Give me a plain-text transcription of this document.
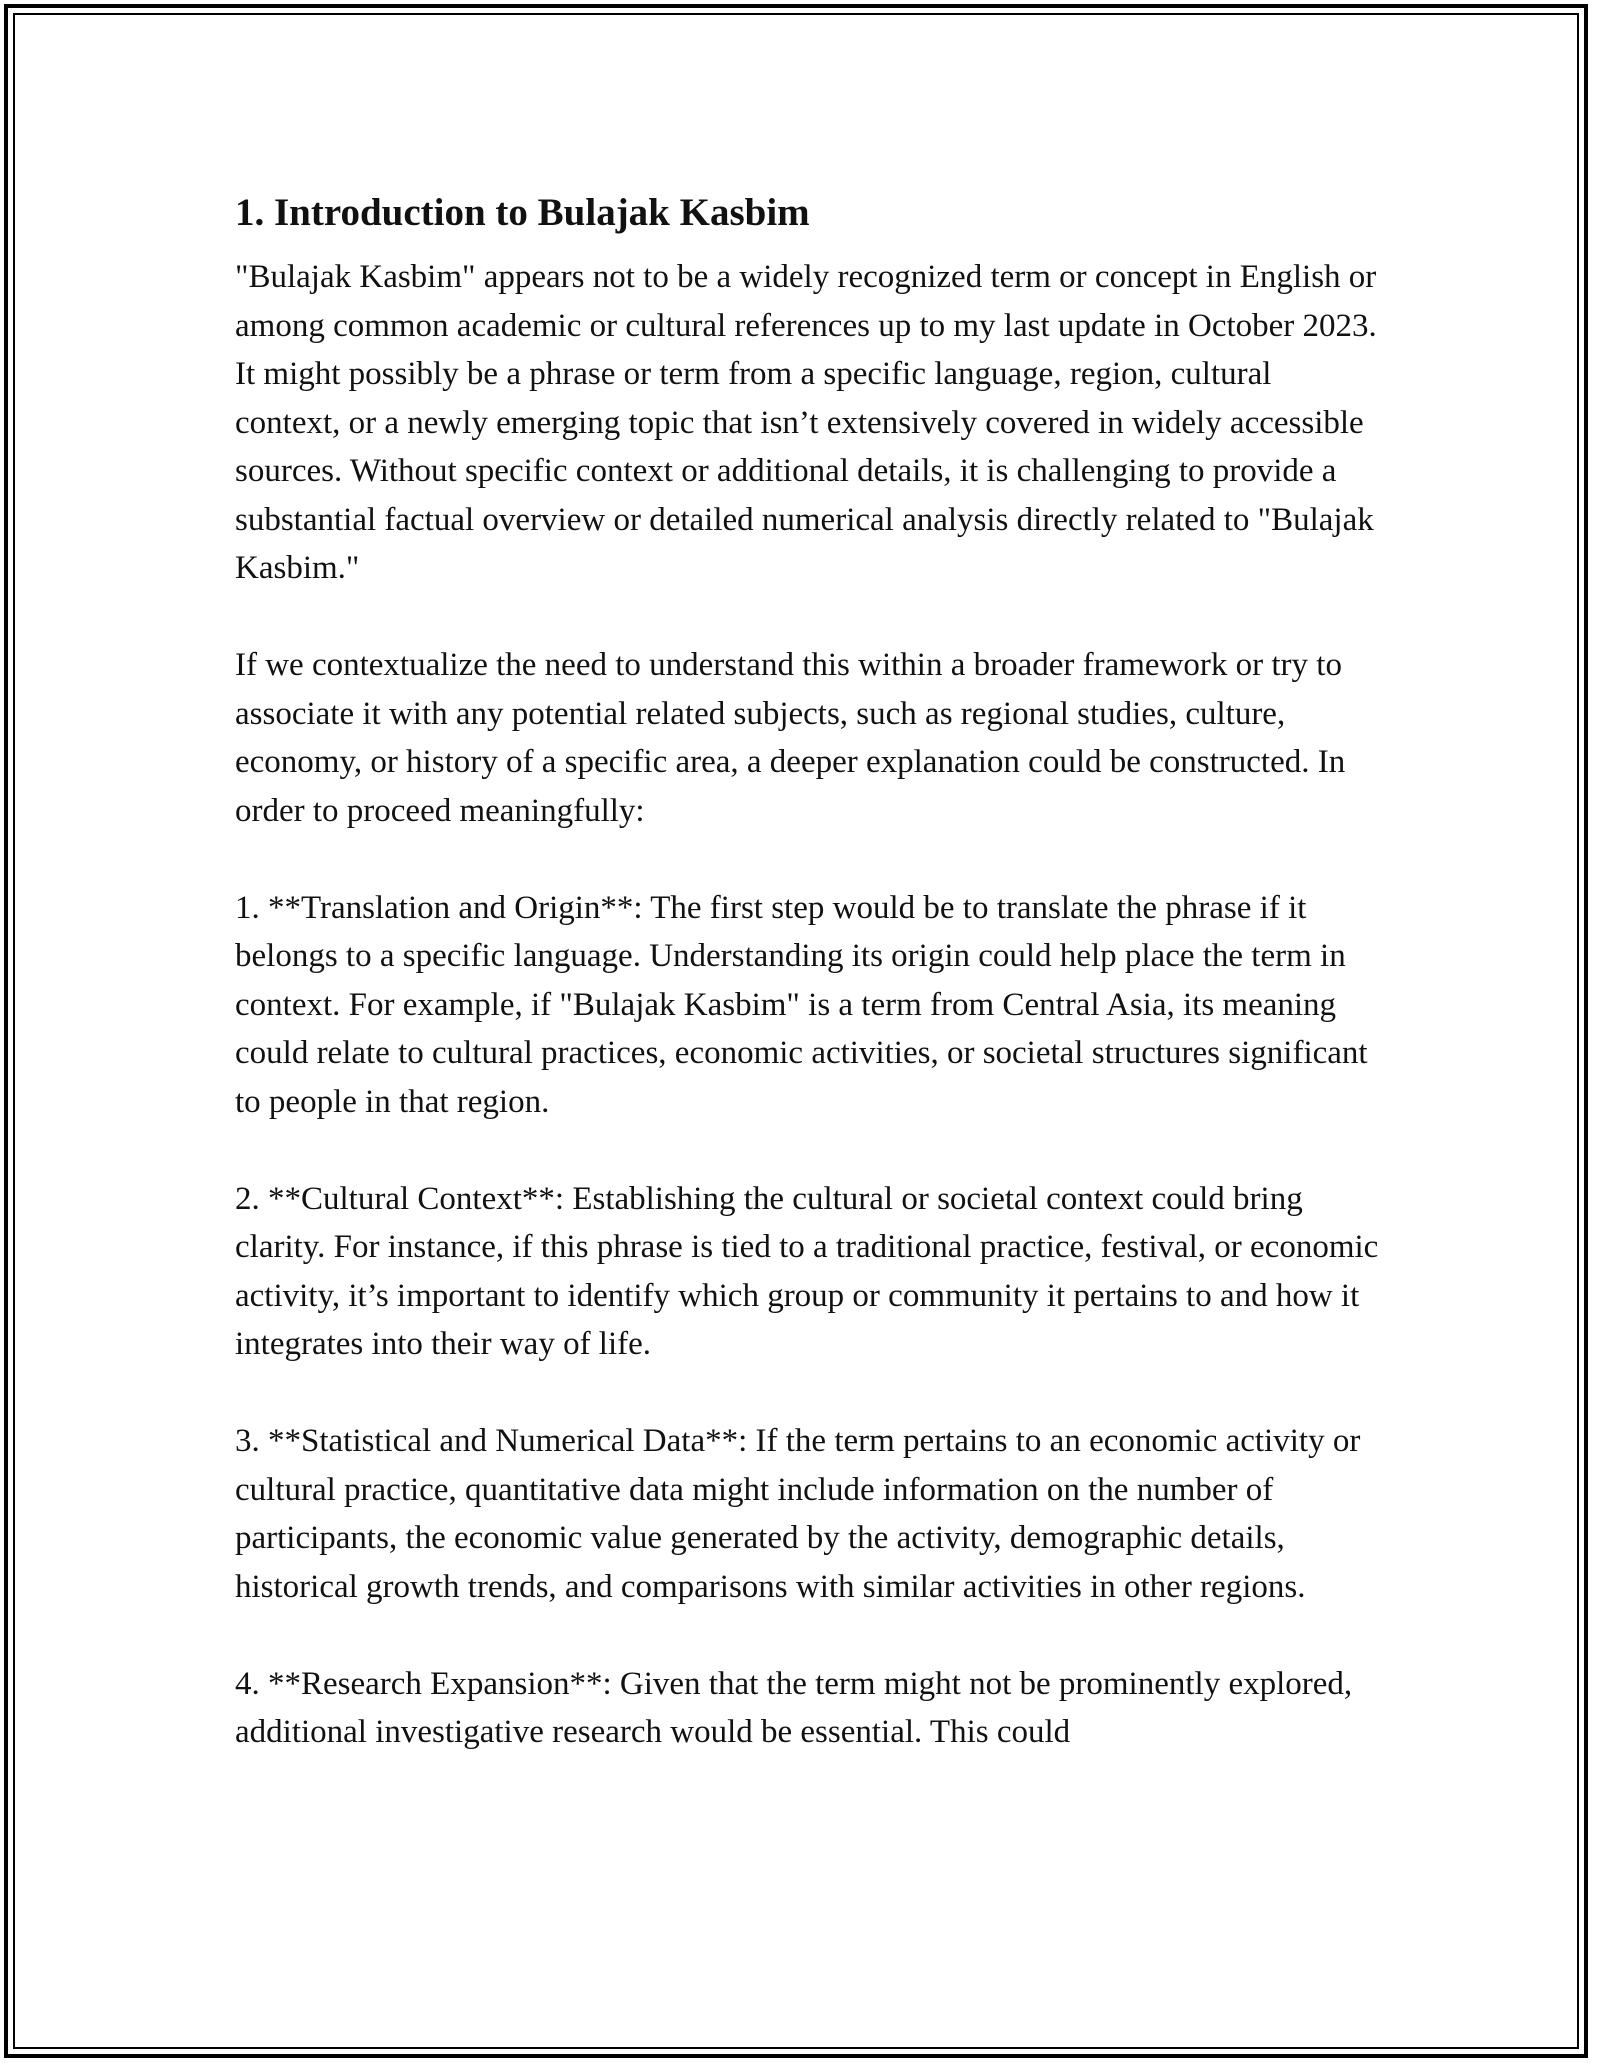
1. Introduction to Bulajak Kasbim

"Bulajak Kasbim" appears not to be a widely recognized term or concept in English or among common academic or cultural references up to my last update in October 2023. It might possibly be a phrase or term from a specific language, region, cultural context, or a newly emerging topic that isn’t extensively covered in widely accessible sources. Without specific context or additional details, it is challenging to provide a substantial factual overview or detailed numerical analysis directly related to "Bulajak Kasbim."

If we contextualize the need to understand this within a broader framework or try to associate it with any potential related subjects, such as regional studies, culture, economy, or history of a specific area, a deeper explanation could be constructed. In order to proceed meaningfully:

1. **Translation and Origin**: The first step would be to translate the phrase if it belongs to a specific language. Understanding its origin could help place the term in context. For example, if "Bulajak Kasbim" is a term from Central Asia, its meaning could relate to cultural practices, economic activities, or societal structures significant to people in that region.

2. **Cultural Context**: Establishing the cultural or societal context could bring clarity. For instance, if this phrase is tied to a traditional practice, festival, or economic activity, it’s important to identify which group or community it pertains to and how it integrates into their way of life.

3. **Statistical and Numerical Data**: If the term pertains to an economic activity or cultural practice, quantitative data might include information on the number of participants, the economic value generated by the activity, demographic details, historical growth trends, and comparisons with similar activities in other regions.

4. **Research Expansion**: Given that the term might not be prominently explored, additional investigative research would be essential. This could
